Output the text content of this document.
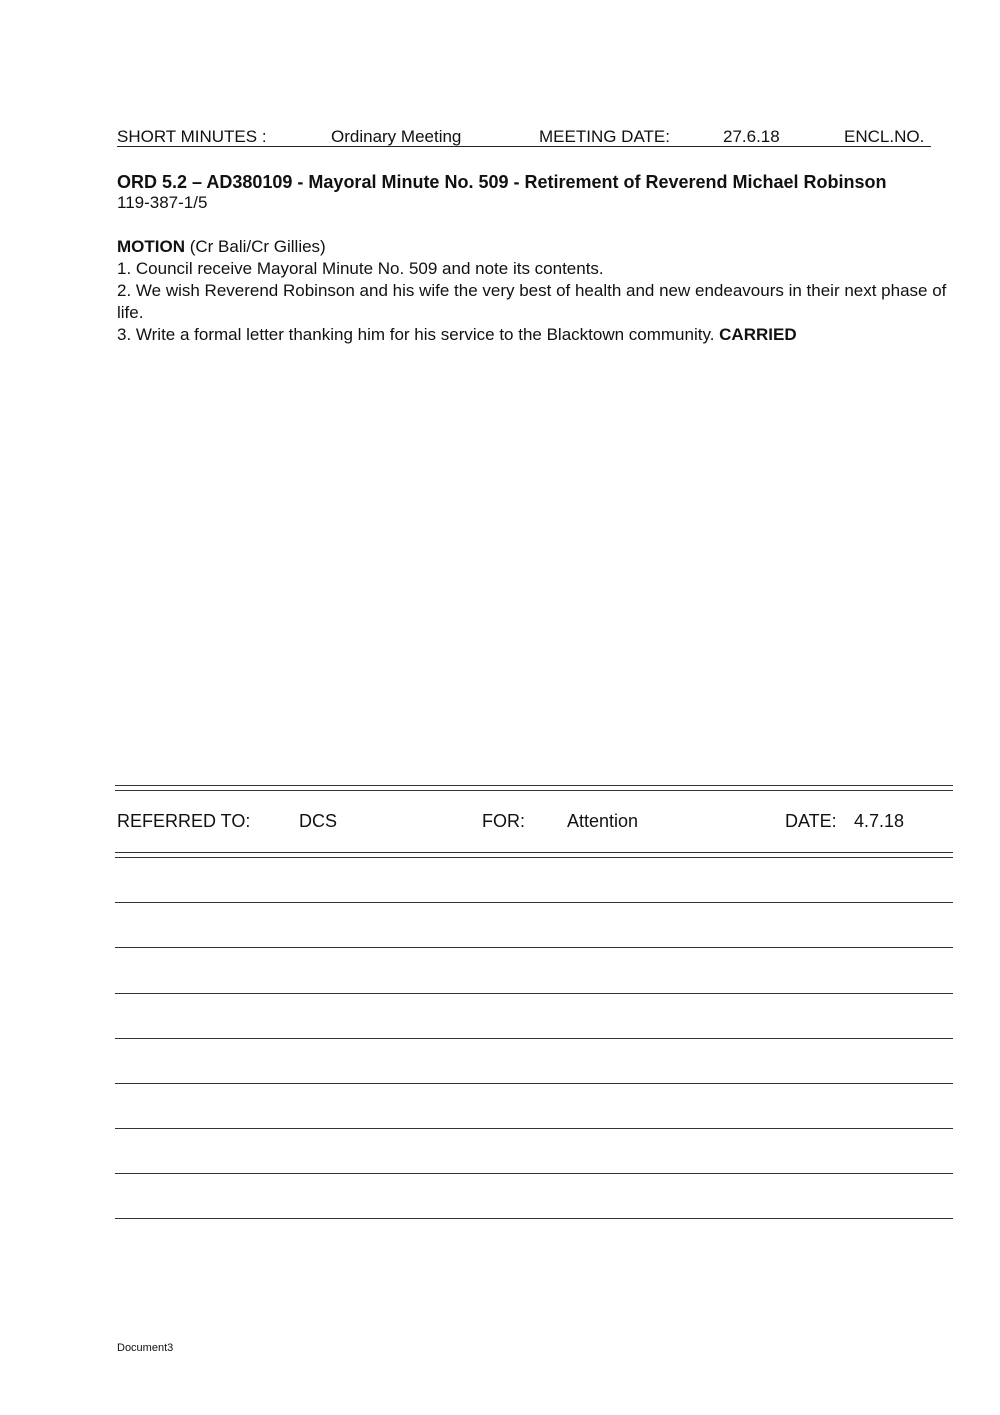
SHORT MINUTES :	Ordinary Meeting	MEETING DATE:	27.6.18	ENCL.NO.
ORD 5.2 – AD380109 - Mayoral Minute No. 509 - Retirement of Reverend Michael Robinson
119-387-1/5

MOTION (Cr Bali/Cr Gillies)

1. Council receive Mayoral Minute No. 509 and note its contents.

2. We wish Reverend Robinson and his wife the very best of health and new endeavours in their next phase of life.

3. Write a formal letter thanking him for his service to the Blacktown community. CARRIED

REFERRED TO:	DCS	FOR: Attention	DATE: 4.7.18
Document3
